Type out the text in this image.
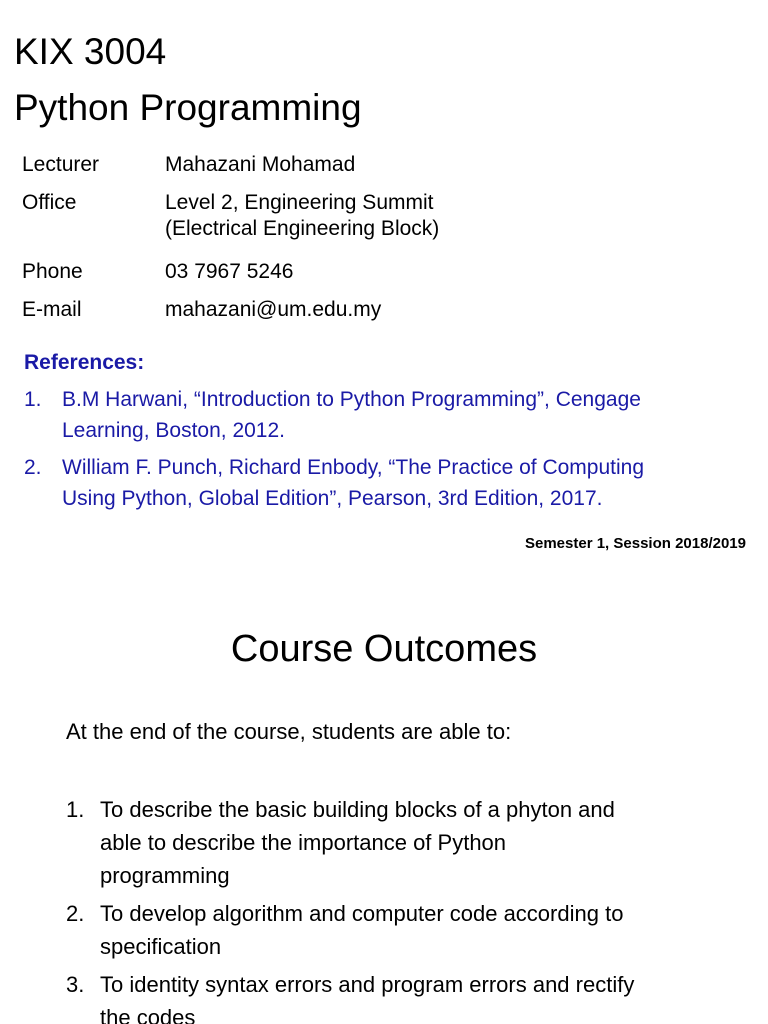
KIX 3004
Python Programming
Lecturer	Mahazani Mohamad
Office	Level 2, Engineering Summit
(Electrical Engineering Block)
Phone	03 7967 5246
E-mail	mahazani@um.edu.my
References:
1. B.M Harwani, “Introduction to Python Programming”, Cengage
Learning, Boston, 2012.
2. William F. Punch, Richard Enbody, “The Practice of Computing
Using Python, Global Edition”, Pearson, 3rd Edition, 2017.
Semester 1, Session 2018/2019
Course Outcomes
At the end of the course, students are able to:
1. To describe the basic building blocks of a phyton and
able to describe the importance of Python
programming
2. To develop algorithm and computer code according to
specification
3. To identity syntax errors and program errors and rectify
the codes
